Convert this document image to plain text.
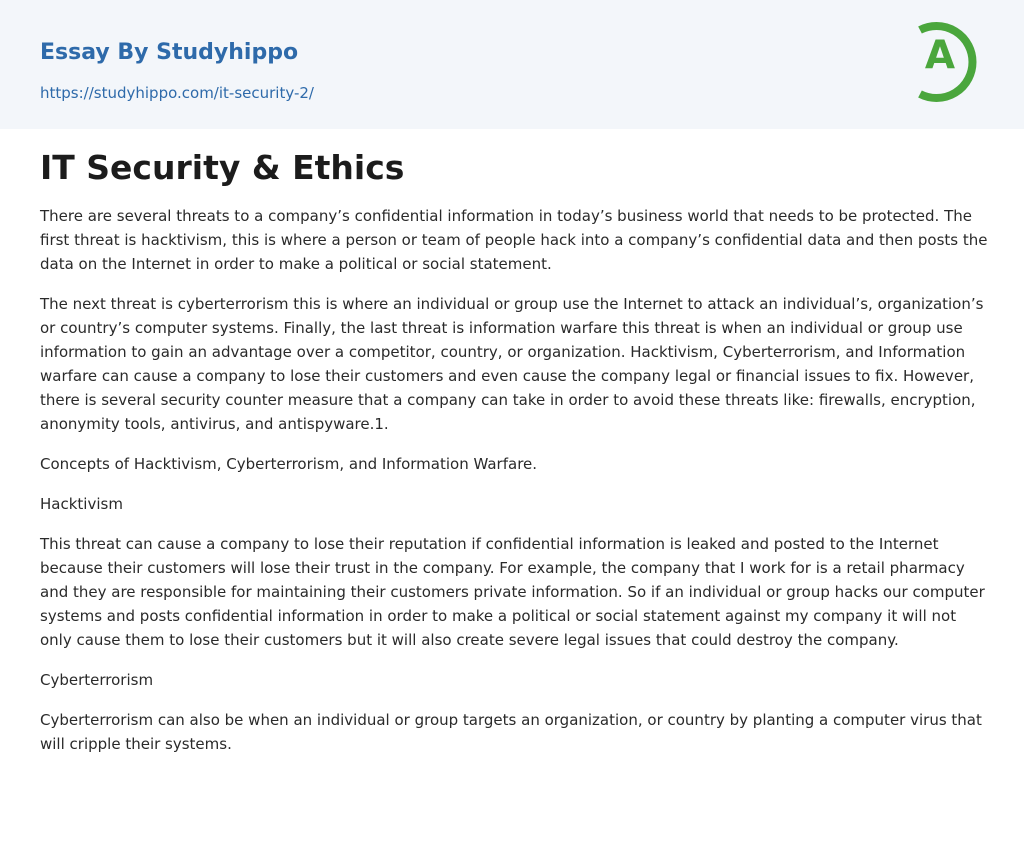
Essay By Studyhippo
https://studyhippo.com/it-security-2/
A
IT Security & Ethics

There are several threats to a company’s confidential information in today’s business world that needs to be protected. The first threat is hacktivism, this is where a person or team of people hack into a company’s confidential data and then posts the data on the Internet in order to make a political or social statement.

The next threat is cyberterrorism this is where an individual or group use the Internet to attack an individual’s, organization’s or country’s computer systems. Finally, the last threat is information warfare this threat is when an individual or group use information to gain an advantage over a competitor, country, or organization. Hacktivism, Cyberterrorism, and Information warfare can cause a company to lose their customers and even cause the company legal or financial issues to fix. However, there is several security counter measure that a company can take in order to avoid these threats like: firewalls, encryption, anonymity tools, antivirus, and antispyware.1.

Concepts of Hacktivism, Cyberterrorism, and Information Warfare.

Hacktivism

This threat can cause a company to lose their reputation if confidential information is leaked and posted to the Internet because their customers will lose their trust in the company. For example, the company that I work for is a retail pharmacy and they are responsible for maintaining their customers private information. So if an individual or group hacks our computer systems and posts confidential information in order to make a political or social statement against my company it will not only cause them to lose their customers but it will also create severe legal issues that could destroy the company.

Cyberterrorism

Cyberterrorism can also be when an individual or group targets an organization, or country by planting a computer virus that will cripple their systems.
